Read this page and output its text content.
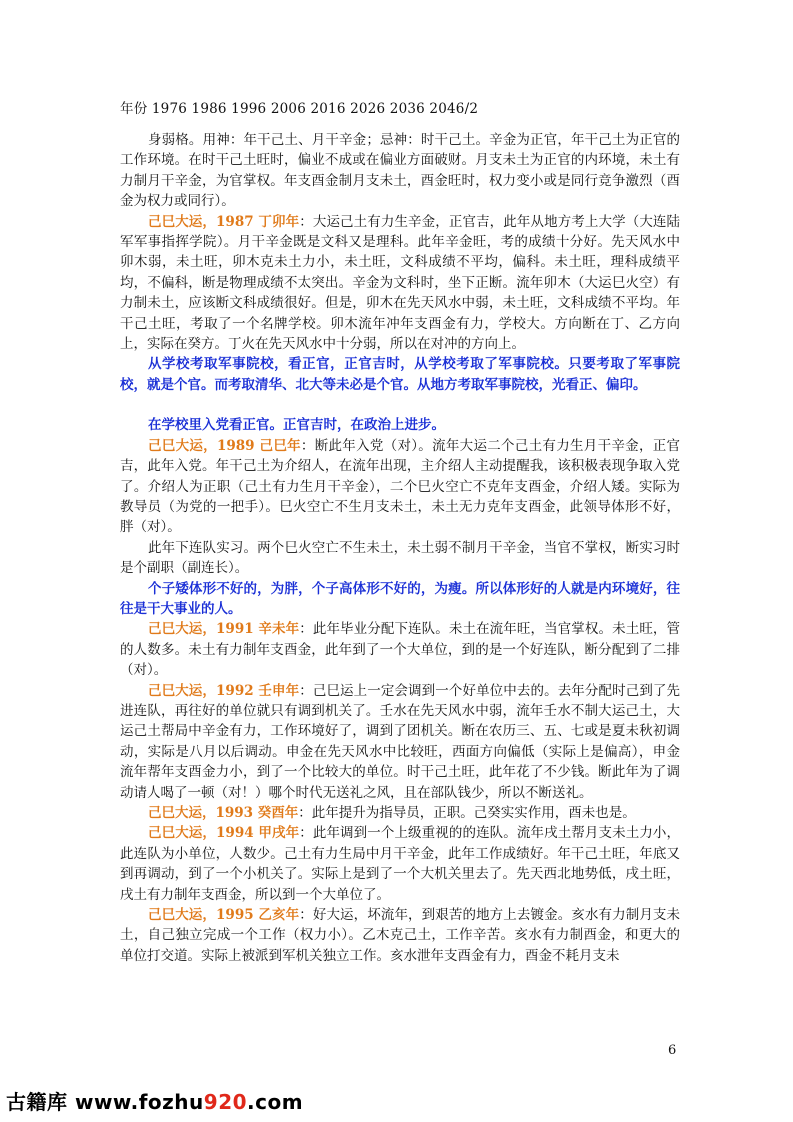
年份 1976 1986 1996 2006 2016 2026 2036 2046/2

身弱格。用神：年干己土、月干辛金；忌神：时干己土。辛金为正官，年干己土为正官的工作环境。在时干己土旺时，偏业不成或在偏业方面破财。月支未土为正官的内环境，未土有力制月干辛金，为官掌权。年支酉金制月支未土，酉金旺时，权力变小或是同行竞争激烈（酉金为权力或同行）。

己巳大运，1987 丁卯年：大运己土有力生辛金，正官吉，此年从地方考上大学（大连陆军军事指挥学院）。月干辛金既是文科又是理科。此年辛金旺，考的成绩十分好。先天风水中卯木弱，未土旺，卯木克未土力小，未土旺，文科成绩不平均，偏科。未土旺，理科成绩平均，不偏科，断是物理成绩不太突出。辛金为文科时，坐下正断。流年卯木（大运巳火空）有力制未土，应该断文科成绩很好。但是，卯木在先天风水中弱，未土旺，文科成绩不平均。年干己土旺，考取了一个名牌学校。卯木流年冲年支酉金有力，学校大。方向断在丁、乙方向上，实际在癸方。丁火在先天风水中十分弱，所以在对冲的方向上。

从学校考取军事院校，看正官，正官吉时，从学校考取了军事院校。只要考取了军事院校，就是个官。而考取清华、北大等未必是个官。从地方考取军事院校，光看正、偏印。

在学校里入党看正官。正官吉时，在政治上进步。

己巳大运，1989 己巳年：断此年入党（对）。流年大运二个己土有力生月干辛金，正官吉，此年入党。年干己土为介绍人，在流年出现，主介绍人主动提醒我，该积极表现争取入党了。介绍人为正职（己土有力生月干辛金），二个巳火空亡不克年支酉金，介绍人矮。实际为教导员（为党的一把手）。巳火空亡不生月支未土，未土无力克年支酉金，此领导体形不好，胖（对）。

此年下连队实习。两个巳火空亡不生未土，未土弱不制月干辛金，当官不掌权，断实习时是个副职（副连长）。

个子矮体形不好的，为胖，个子高体形不好的，为瘦。所以体形好的人就是内环境好，往往是干大事业的人。

己巳大运，1991 辛未年：此年毕业分配下连队。未土在流年旺，当官掌权。未土旺，管的人数多。未土有力制年支酉金，此年到了一个大单位，到的是一个好连队，断分配到了二排（对）。

己巳大运，1992 壬申年：己巳运上一定会调到一个好单位中去的。去年分配时己到了先进连队，再往好的单位就只有调到机关了。壬水在先天风水中弱，流年壬水不制大运己土，大运己土帮局中辛金有力，工作环境好了，调到了团机关。断在农历三、五、七或是夏未秋初调动，实际是八月以后调动。申金在先天风水中比较旺，西面方向偏低（实际上是偏高），申金流年帮年支酉金力小，到了一个比较大的单位。时干己土旺，此年花了不少钱。断此年为了调动请人喝了一顿（对！）哪个时代无送礼之风，且在部队钱少，所以不断送礼。

己巳大运，1993 癸酉年：此年提升为指导员，正职。己癸实实作用，酉未也是。

己巳大运，1994 甲戌年：此年调到一个上级重视的的连队。流年戌土帮月支未土力小，此连队为小单位，人数少。己土有力生局中月干辛金，此年工作成绩好。年干己土旺，年底又到再调动，到了一个小机关了。实际上是到了一个大机关里去了。先天西北地势低，戌土旺，戌土有力制年支酉金，所以到一个大单位了。

己巳大运，1995 乙亥年：好大运，坏流年，到艰苦的地方上去镀金。亥水有力制月支未土，自己独立完成一个工作（权力小）。乙木克己土，工作辛苦。亥水有力制酉金，和更大的单位打交道。实际上被派到军机关独立工作。亥水泄年支酉金有力，酉金不耗月支未

6
古籍库 www.fozhu920.com
